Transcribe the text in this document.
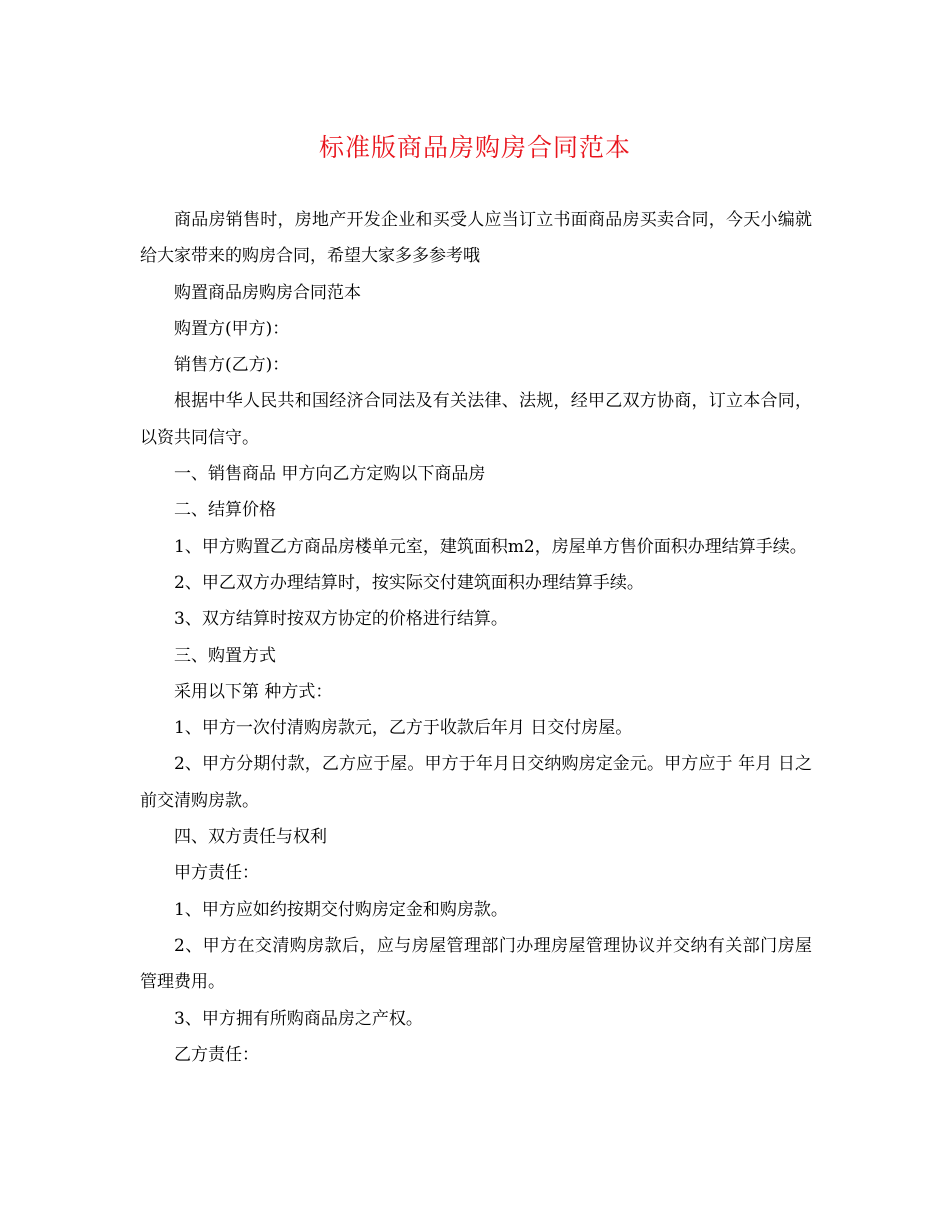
标准版商品房购房合同范本

商品房销售时，房地产开发企业和买受人应当订立书面商品房买卖合同，今天小编就给大家带来的购房合同，希望大家多多参考哦

购置商品房购房合同范本

购置方(甲方)：

销售方(乙方)：

根据中华人民共和国经济合同法及有关法律、法规，经甲乙双方协商，订立本合同，以资共同信守。

一、销售商品 甲方向乙方定购以下商品房

二、结算价格

1、甲方购置乙方商品房楼单元室，建筑面积m2，房屋单方售价面积办理结算手续。

2、甲乙双方办理结算时，按实际交付建筑面积办理结算手续。

3、双方结算时按双方协定的价格进行结算。

三、购置方式

采用以下第 种方式：

1、甲方一次付清购房款元，乙方于收款后年月 日交付房屋。

2、甲方分期付款，乙方应于屋。甲方于年月日交纳购房定金元。甲方应于 年月 日之前交清购房款。

四、双方责任与权利

甲方责任：

1、甲方应如约按期交付购房定金和购房款。

2、甲方在交清购房款后，应与房屋管理部门办理房屋管理协议并交纳有关部门房屋管理费用。

3、甲方拥有所购商品房之产权。

乙方责任：
